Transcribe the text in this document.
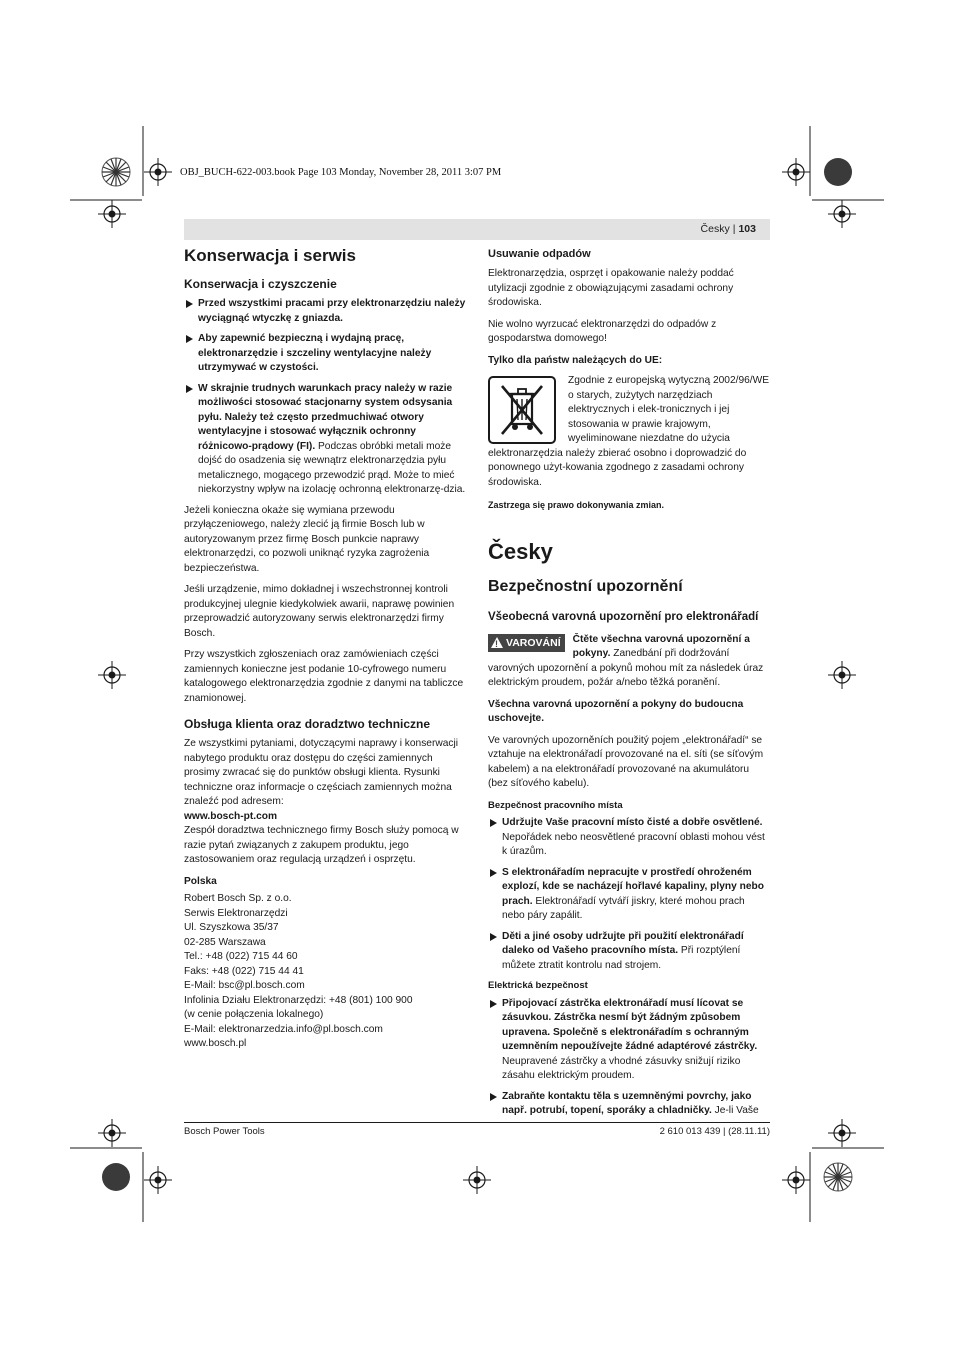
OBJ_BUCH-622-003.book Page 103 Monday, November 28, 2011 3:07 PM
Česky | 103
Konserwacja i serwis
Konserwacja i czyszczenie
Przed wszystkimi pracami przy elektronarzędziu należy wyciągnąć wtyczkę z gniazda.
Aby zapewnić bezpieczną i wydajną pracę, elektronarzędzie i szczeliny wentylacyjne należy utrzymywać w czystości.
W skrajnie trudnych warunkach pracy należy w razie możliwości stosować stacjonarny system odsysania pyłu. Należy też często przedmuchiwać otwory wentylacyjne i stosować wyłącznik ochronny różnicowo-prądowy (FI). Podczas obróbki metali może dojść do osadzenia się wewnątrz elektronarzędzia pyłu metalicznego, mogącego przewodzić prąd. Może to mieć niekorzystny wpływ na izolację ochronną elektronarzę-dzia.

Jeżeli konieczna okaże się wymiana przewodu przyłączeniowego, należy zlecić ją firmie Bosch lub w autoryzowanym przez firmę Bosch punkcie naprawy elektronarzędzi, co pozwoli uniknąć ryzyka zagrożenia bezpieczeństwa.

Jeśli urządzenie, mimo dokładnej i wszechstronnej kontroli produkcyjnej ulegnie kiedykolwiek awarii, naprawę powinien przeprowadzić autoryzowany serwis elektronarzędzi firmy Bosch.

Przy wszystkich zgłoszeniach oraz zamówieniach części zamiennych konieczne jest podanie 10-cyfrowego numeru katalogowego elektronarzędzia zgodnie z danymi na tabliczce znamionowej.

Obsługa klienta oraz doradztwo techniczne

Ze wszystkimi pytaniami, dotyczącymi naprawy i konserwacji nabytego produktu oraz dostępu do części zamiennych prosimy zwracać się do punktów obsługi klienta. Rysunki techniczne oraz informacje o częściach zamiennych można znaleźć pod adresem:

www.bosch-pt.com

Zespół doradztwa technicznego firmy Bosch służy pomocą w razie pytań związanych z zakupem produktu, jego zastosowaniem oraz regulacją urządzeń i osprzętu.

Polska
Robert Bosch Sp. z o.o.
Serwis Elektronarzędzi
Ul. Szyszkowa 35/37
02-285 Warszawa
Tel.: +48 (022) 715 44 60
Faks: +48 (022) 715 44 41
E-Mail: bsc@pl.bosch.com
Infolinia Działu Elektronarzędzi: +48 (801) 100 900
(w cenie połączenia lokalnego)
E-Mail: elektronarzedzia.info@pl.bosch.com
www.bosch.pl
Usuwanie odpadów

Elektronarzędzia, osprzęt i opakowanie należy poddać utylizacji zgodnie z obowiązującymi zasadami ochrony środowiska.

Nie wolno wyrzucać elektronarzędzi do odpadów z gospodarstwa domowego!

Tylko dla państw należących do UE:

Zgodnie z europejską wytyczną 2002/96/WE o starych, zużytych narzędziach elektrycznych i elek-tronicznych i jej stosowania w prawie krajowym, wyeliminowane niezdatne do użycia elektronarzędzia należy zbierać osobno i doprowadzić do ponownego użyt-kowania zgodnego z zasadami ochrony środowiska.

Zastrzega się prawo dokonywania zmian.
Česky
Bezpečnostní upozornění
Všeobecná varovná upozornění pro elektronářadí
!
VAROVÁNÍ	Čtěte všechna varovná upozornění a pokyny. Zanedbání při dodržování varovných upozornění a pokynů mohou mít za následek úraz elektrickým proudem, požár a/nebo těžká poranění.

Všechna varovná upozornění a pokyny do budoucna uschovejte.

Ve varovných upozorněních použitý pojem „elektronářadí“ se vztahuje na elektronářadí provozované na el. síti (se síťovým kabelem) a na elektronářadí provozované na akumulátoru (bez síťového kabelu).

Bezpečnost pracovního místa
Udržujte Vaše pracovní místo čisté a dobře osvětlené. Nepořádek nebo neosvětlené pracovní oblasti mohou vést k úrazům.
S elektronářadím nepracujte v prostředí ohroženém explozí, kde se nacházejí hořlavé kapaliny, plyny nebo prach. Elektronářadí vytváří jiskry, které mohou prach nebo páry zapálit.
Děti a jiné osoby udržujte při použití elektronářadí daleko od Vašeho pracovního místa. Při rozptýlení můžete ztratit kontrolu nad strojem.
Elektrická bezpečnost
Připojovací zástrčka elektronářadí musí lícovat se zásuvkou. Zástrčka nesmí být žádným způsobem upravena. Společně s elektronářadím s ochranným uzemněním nepoužívejte žádné adaptérové zástrčky. Neupravené zástrčky a vhodné zásuvky snižují riziko zásahu elektrickým proudem.
Zabraňte kontaktu těla s uzemněnými povrchy, jako např. potrubí, topení, sporáky a chladničky. Je-li Vaše
Bosch Power Tools	2 610 013 439 | (28.11.11)
